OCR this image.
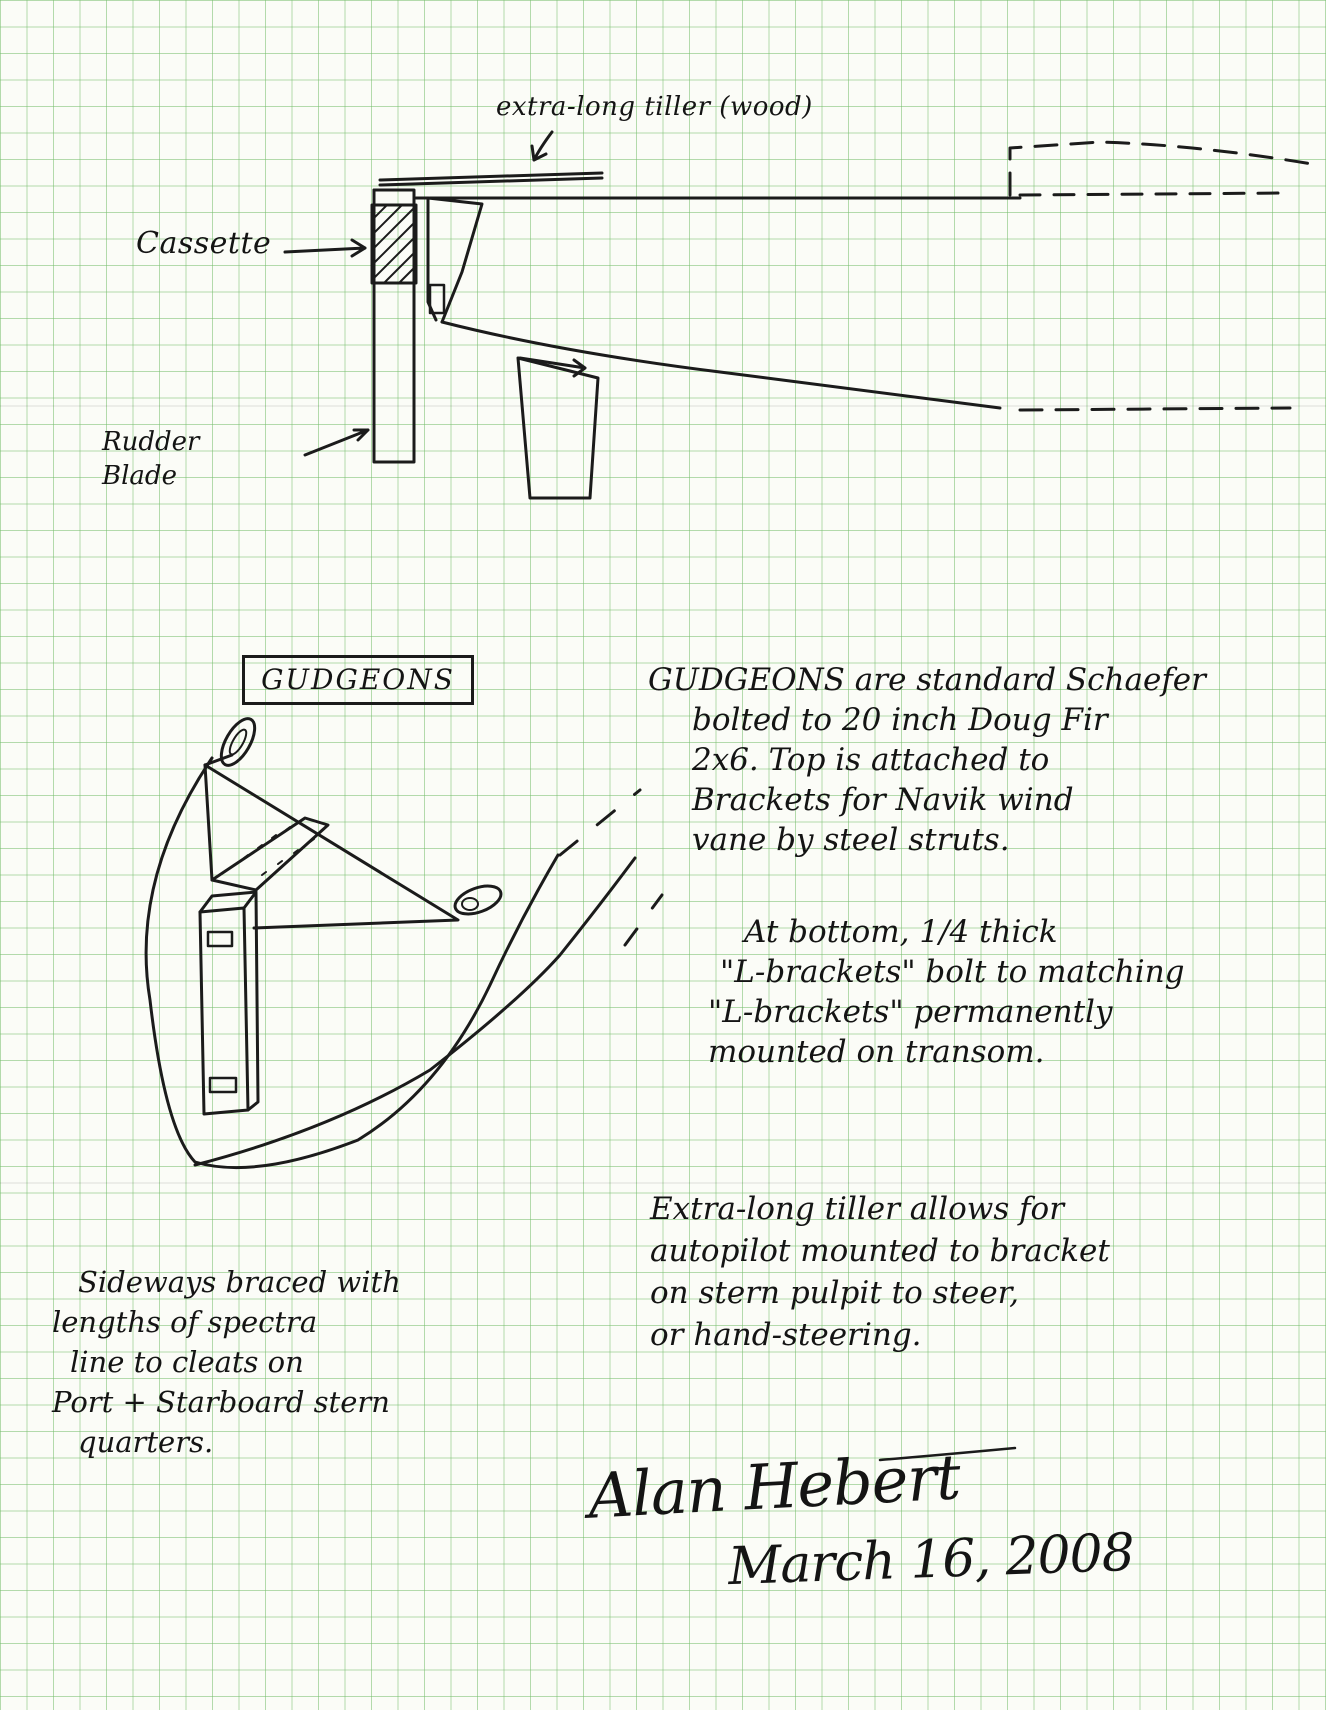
extra-long tiller (wood)

Cassette

Rudder
Blade
GUDGEONS	GUDGEONS are standard Schaefer
bolted to 20 inch Doug Fir
2x6. Top is attached to
Brackets for Navik wind
vane by steel struts.
At bottom, 1/4 thick
"L-brackets" bolt to matching
"L-brackets" permanently
mounted on transom.
Extra-long tiller allows for
autopilot mounted to bracket
on stern pulpit to steer,
or hand-steering.
Sideways braced with
lengths of spectra
line to cleats on
Port + Starboard stern
quarters.	Alan Hebert

March 16, 2008
